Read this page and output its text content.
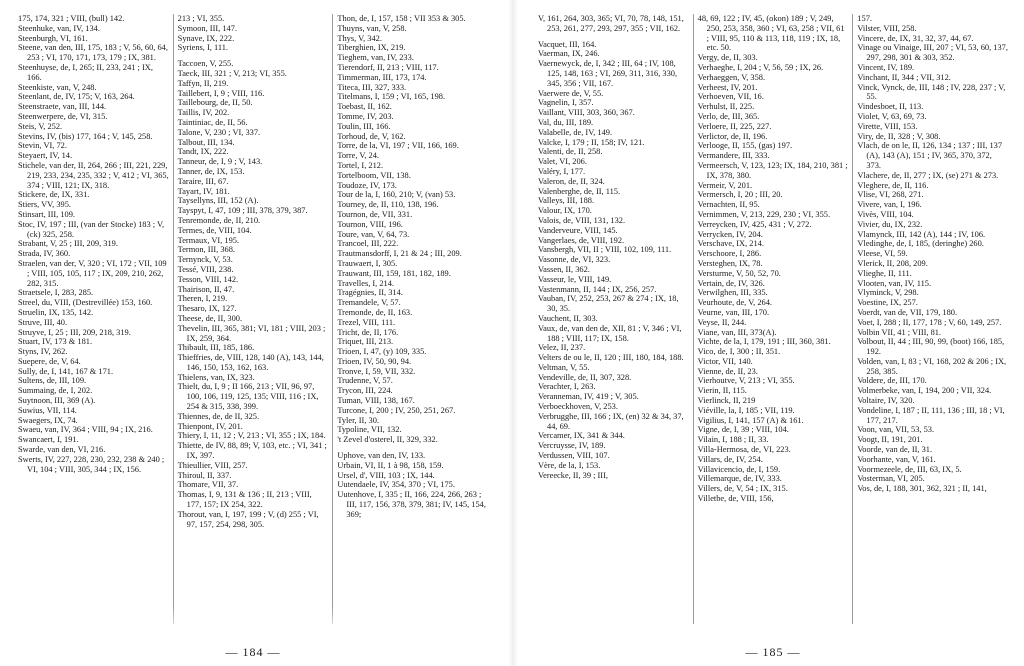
175, 174, 321 ; VIII, (bull) 142.

Steenhuke, van, IV, 134.

Steenburgh, VI, 161.

Steene, van den, III, 175, 183 ; V, 56, 60, 64, 253 ; VI, 170, 171, 173, 179 ; IX, 381.

Steenhuyse, de, I, 265; II, 233, 241 ; IX, 166.

Steenkiste, van, V, 248.

Steenlant, de, IV, 175; V, 163, 264.

Steenstraete, van, III, 144.

Steenwerpere, de, VI, 315.

Steis, V, 252.

Stevins, IV, (bis) 177, 164 ; V, 145, 258.

Stevin, VI, 72.

Steyaert, IV, 14.

Stichele, van der, II, 264, 266 ; III, 221, 229, 219, 233, 234, 235, 332 ; V, 412 ; VI, 365, 374 ; VIII, 121; IX, 318.

Stickere, de, IX, 331.

Stiers, VV, 395.

Stinsart, III, 109.

Stoc, IV, 197 ; III, (van der Stocke) 183 ; V, (ck) 325, 258.

Strabant, V, 25 ; III, 209, 319.

Strada, IV, 360.

Straelen, van der, V, 320 ; VI, 172 ; VII, 109 ; VIII, 105, 105, 117 ; IX, 209, 210, 262, 282, 315.

Straetsele, I, 283, 285.

Streel, du, VIII, (Destrevillée) 153, 160.

Struelin, IX, 135, 142.

Struve, III, 40.

Struyve, I, 25 ; III, 209, 218, 319.

Stuart, IV, 173 & 181.

Styns, IV, 262.

Suepere, de, V, 64.

Sully, de, I, 141, 167 & 171.

Sultens, de, III, 109.

Summaing, de, I, 202.

Suytnoon, III, 369 (A).

Suwius, VII, 114.

Swaegers, IX, 74.

Swaeu, van, IV, 364 ; VIII, 94 ; IX, 216.

Swancaert, I, 191.

Swarde, van den, VI, 216.

Swerts, IV, 227, 228, 230, 232, 238 & 240 ; VI, 104 ; VIII, 305, 344 ; IX, 156.

213 ; VI, 355.

Symoon, III, 147.

Synave, IX, 222.

Syriens, I, 111.

Taccoen, V, 255.

Taeck, III, 321 ; V, 213; VI, 355.

Taffyn, II, 219.

Taillebert, I, 9 ; VIII, 116.

Taillebourg, de, II, 50.

Taillis, IV, 202.

Taintiniac, de, II, 56.

Talone, V, 230 ; VI, 337.

Talbout, III, 134.

Tandt, IX, 222.

Tanneur, de, I, 9 ; V, 143.

Tanner, de, IX, 153.

Taraire, III, 67.

Tayart, IV, 181.

Taysellyns, III, 152 (A).

Tayspyt, I, 47, 109 ; III, 378, 379, 387.

Tenremonde, de, II, 210.

Termes, de, VIII, 104.

Termaux, VI, 195.

Termon, III, 368.

Ternynck, V, 53.

Tessé, VIII, 238.

Tesson, VIII, 142.

Thairison, II, 47.

Theren, I, 219.

Thesaro, IX, 127.

Theese, de, II, 300.

Thevelin, III, 365, 381; VI, 181 ; VIII, 203 ; IX, 259, 364.

Thibault, III, 185, 186.

Thieffries, de, VIII, 128, 140 (A), 143, 144, 146, 150, 153, 162, 163.

Thielens, van, IX, 323.

Thielt, du, I, 9 ; II 166, 213 ; VII, 96, 97, 100, 106, 119, 125, 135; VIII, 116 ; IX, 254 & 315, 338, 399.

Thiennes, de, de II, 325.

Thienpont, IV, 201.

Thiery, I, 11, 12 ; V, 213 ; VI, 355 ; IX, 184.

Thiette, de IV, 88, 89; V, 103, etc. ; VI, 341 ; IX, 397.

Thieullier, VIII, 257.

Thiroul, II, 337.

Thomare, VII, 37.

Thomas, I, 9, 131 & 136 ; II, 213 ; VIII, 177, 157; IX 254, 322.

Thorout, van, I, 197, 199 ; V, (d) 255 ; VI, 97, 157, 254, 298, 305.

Thon, de, I, 157, 158 ; VII 353 & 305.

Thuyns, van, V, 258.

Thys, V, 342.

Tiberghien, IX, 219.

Tieghem, van, IV, 233.

Tierendorf, II, 213 ; VIII, 117.

Timmerman, III, 173, 174.

Titeca, III, 327, 333.

Titelmans, I, 159 ; VI, 165, 198.

Toebast, II, 162.

Tomme, IV, 203.

Toulin, III, 166.

Torhoud, de, V, 162.

Torre, de la, VI, 197 ; VII, 166, 169.

Torre, V, 24.

Tortel, I, 212.

Tortelboom, VII, 138.

Toudoze, IV, 173.

Tour de la, I, 160, 210; V, (van) 53.

Tourney, de, II, 110, 138, 196.

Tournon, de, VII, 331.

Tournon, VIII, 196.

Toure, van, V, 64, 73.

Trancoel, III, 222.

Trautmansdorff, I, 21 & 24 ; III, 209.

Trauwaert, I, 305.

Trauwant, III, 159, 181, 182, 189.

Travelles, I, 214.

Tragégnies, II, 314.

Tremandele, V, 57.

Tremonde, de, II, 163.

Trezel, VIII, 111.

Tricht, de, II, 176.

Triquet, III, 213.

Trioen, I, 47, (y) 109, 335.

Trioen, IV, 50, 90, 94.

Tronve, I, 59, VII, 332.

Trudenne, V, 57.

Trycon, III, 224.

Tuman, VIII, 138, 167.

Turcone, I, 200 ; IV, 250, 251, 267.

Tyler, II, 30.

Typoline, VII, 132.

't Zevel d'osterel, II, 329, 332.

Uphove, van den, IV, 133.

Urbain, VI, II, 1 à 98, 158, 159.

Ursel, d', VIII, 103 ; IX, 144.

Uutendaele, IV, 354, 370 ; VI, 175.

Uutenhove, I, 335 ; II, 166, 224, 266, 263 ; III, 117, 156, 378, 379, 381; IV, 145, 154, 369;

— 184 —

V, 161, 264, 303, 365; VI, 70, 78, 148, 151, 253, 261, 277, 293, 297, 355 ; VII, 162.

Vacquet, III, 164.

Vaerman, IX, 246.

Vaernewyck, de, I, 342 ; III, 64 ; IV, 108, 125, 148, 163 ; VI, 269, 311, 316, 330, 345, 356 ; VII, 167.

Vaerwere de, V, 55.

Vagnelin, I, 357.

Vaillant, VIII, 303, 360, 367.

Val, du, III, 189.

Valabelle, de, IV, 149.

Valcke, I, 179 ; II, 158; IV, 121.

Valenti, de, II, 258.

Valet, VI, 206.

Valéry, I, 177.

Valeron, de, II, 324.

Valenberghe, de, II, 115.

Valleys, III, 188.

Valour, IX, 170.

Valois, de, VIII, 131, 132.

Vanderveure, VIII, 145.

Vangerlaes, de, VIII, 192.

Vansbergh, VII, II ; VIII, 102, 109, 111.

Vasonne, de, VI, 323.

Vassen, II, 362.

Vasseur, le, VIII, 149.

Vastenmann, II, 144 ; IX, 256, 257.

Vauban, IV, 252, 253, 267 & 274 ; IX, 18, 30, 35.

Vauchent, II, 303.

Vaux, de, van den de, XII, 81 ; V, 346 ; VI, 188 ; VIII, 117; IX, 158.

Velez, II, 237.

Velters de ou le, II, 120 ; III, 180, 184, 188.

Veltman, V, 55.

Vendeville, de, II, 307, 328.

Verachter, I, 263.

Veranneman, IV, 419 ; V, 305.

Verboeckhoven, V, 253.

Verbrugghe, III, 166 ; IX, (en) 32 & 34, 37, 44, 69.

Vercamer, IX, 341 & 344.

Vercruysse, IV, 189.

Verdussen, VIII, 107.

Vère, de la, I, 153.

Vereecke, II, 39 ; III,

48, 69, 122 ; IV, 45, (okon) 189 ; V, 249, 250, 253, 358, 360 ; VI, 63, 258 ; VII, 61 ; VIII, 95, 110 & 113, 118, 119 ; IX, 18, etc. 50.

Vergy, de, II, 303.

Verhaeghe, I, 204 ; V, 56, 59 ; IX, 26.

Verhaeggen, V, 358.

Verheest, IV, 201.

Verhoeven, VII, 16.

Verhulst, II, 225.

Verlo, de, III, 365.

Verloere, II, 225, 227.

Verlictor, de, II, 196.

Verlooge, II, 155, (gas) 197.

Vermandere, III, 333.

Vermeersch, V, 123, 123; IX, 184, 210, 381 ; IX, 378, 380.

Vermeir, V, 201.

Vermersch, I, 20 ; III, 20.

Vernachten, II, 95.

Vernimmen, V, 213, 229, 230 ; VI, 355.

Verreycken, IV, 425, 431 ; V, 272.

Verrycken, IV, 204.

Verschave, IX, 214.

Verschoore, I, 286.

Versteghen, IX, 78.

Versturme, V, 50, 52, 70.

Vertain, de, IV, 326.

Verwilghen, III, 335.

Veurhoute, de, V, 264.

Veurne, van, III, 170.

Veyse, II, 244.

Viane, van, III, 373(A).

Vichte, de la, I, 179, 191 ; III, 360, 381.

Vico, de, I, 300 ; II, 351.

Victor, VII, 140.

Vienne, de, II, 23.

Vierhoutve, V, 213 ; VI, 355.

Vierin, II, 115.

Vierlinck, II, 219

Viéville, la, I, 185 ; VII, 119.

Vigilius, I, 141, 157 (A) & 161.

Vigne, de, I, 39 ; VIII, 104.

Vilain, I, 188 ; II, 33.

Villa-Hermosa, de, VI, 223.

Villars, de, IV, 254.

Villavicencio, de, I, 159.

Villemarque, de, IV, 333.

Villers, de, V, 54 ; IX, 315.

Villetbe, de, VIII, 156,

157.

Vilster, VIII, 258.

Vincere, de, IX, 31, 32, 37, 44, 67.

Vinage ou Vinaige, III, 207 ; VI, 53, 60, 137, 297, 298, 301 & 303, 352.

Vincent, IV, 189.

Vinchant, II, 344 ; VII, 312.

Vinck, Vynck, de, III, 148 ; IV, 228, 237 ; V, 55.

Vindesboet, II, 113.

Violet, V, 63, 69, 73.

Virette, VIII, 153.

Viry, de, II, 328 ; V, 308.

Vlach, de on le, II, 126, 134 ; 137 ; III, 137 (A), 143 (A), 151 ; IV, 365, 370, 372, 373.

Vlachere, de, II, 277 ; IX, (se) 271 & 273.

Vleghere, de, II, 116.

Vlise, VI, 268, 271.

Vivere, van, I, 196.

Vivès, VIII, 104.

Vivier, du, IX, 232.

Vlamynck, III, 142 (A), 144 ; IV, 106.

Vledinghe, de, I, 185, (deringhe) 260.

Vleese, VI, 59.

Vlerick, II, 208, 209.

Vlieghe, II, 111.

Vlooten, van, IV, 115.

Vlyminck, V, 298.

Voestine, IX, 257.

Voerdt, van de, VII, 179, 180.

Voet, I, 288 ; II, 177, 178 ; V, 60, 149, 257.

Volbin VII, 41 ; VIII, 81.

Volbout, II, 44 ; III, 90, 99, (boot) 166, 185, 192.

Volden, van, I, 83 ; VI, 168, 202 & 206 ; IX, 258, 385.

Voldere, de, III, 170.

Volmerbeke, van, I, 194, 200 ; VII, 324.

Voltaire, IV, 320.

Vondeline, I, 187 ; II, 111, 136 ; III, 18 ; VI, 177, 217.

Voon, van, VII, 53, 53.

Voogt, II, 191, 201.

Voorde, van de, II, 31.

Voorhante, van, V, 161.

Voormezeele, de, III, 63, IX, 5.

Vosterman, VI, 205.

Vos, de, I, 188, 301, 362, 321 ; II, 141,

— 185 —
